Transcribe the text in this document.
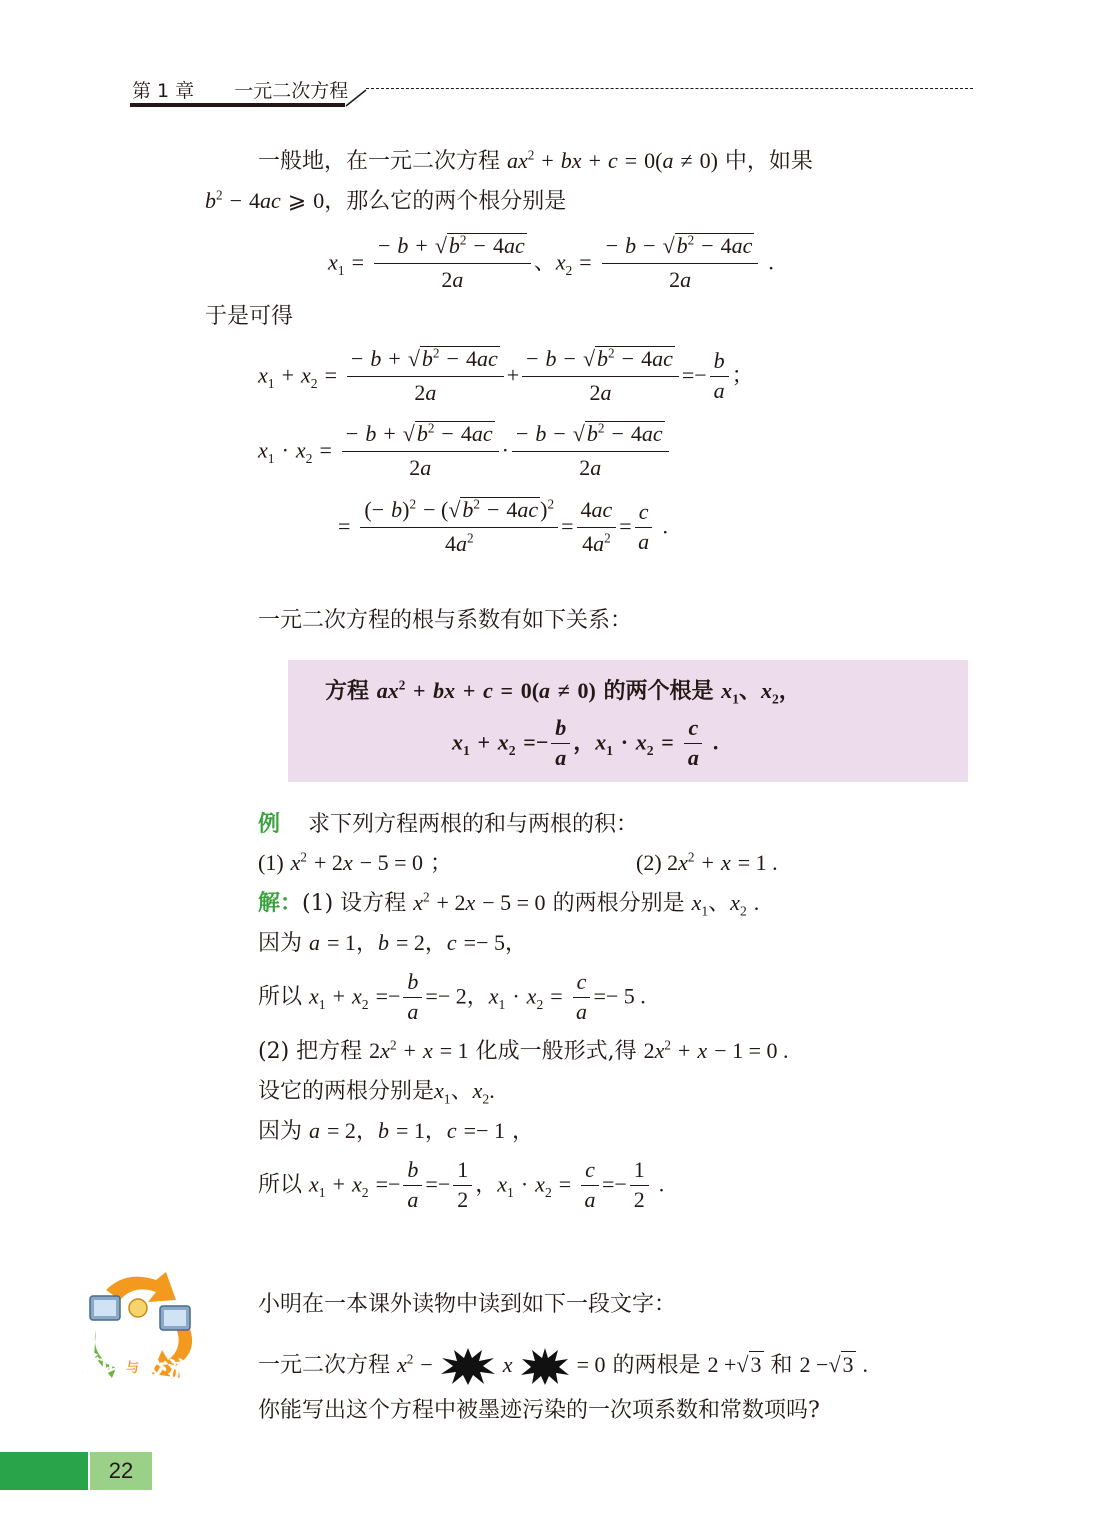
第 1 章 一元二次方程
一般地，在一元二次方程 $ax^2$ + bx + c = 0(a ≠ 0) 中，如果
$b^2 - 4ac$ ⩾ 0，那么它的两个根分别是
$x_1 = \frac{- b + √b^2 - 4ac}{2a}$ 、$x_2 = \frac{- b - √b^2 - 4ac}{2a}$ .
于是可得
$x_1 + x_2 = \frac{- b + √b^2 - 4ac}{2a} + \frac{- b - √b^2 - 4ac}{2a} =- \frac{b}{a}$ ；
$x_1 \cdot x_2 = \frac{- b + √b^2 - 4ac}{2a} \cdot \frac{- b - √b^2 - 4ac}{2a}$
= $\frac{(- b)^2 - (√b^2 - 4ac)^2}{4a^2} = \frac{4ac}{4a^2} = \frac{c}{a}$ .
一元二次方程的根与系数有如下关系：
方程 $ax^2$ + bx + c = 0(a ≠ 0) 的两个根是 $x_1$、$x_2$，
$x_1 + x_2 =- \frac{b}{a}$ ，$x_1 \cdot x_2 = \frac{c}{a}$ .
例 求下列方程两根的和与两根的积：
(1) $x^2 + 2x - 5 = 0$ ；	(2) $2x^2 + x = 1$ .
解：(1) 设方程 $x^2 + 2x - 5 = 0$ 的两根分别是 $x_1$、$x_2$ .
因为 a = 1，b = 2，c =− 5，
所以 $x_1 + x_2 =- \frac{b}{a} =- 2$，$x_1 \cdot x_2 = \frac{c}{a} =- 5$ .
(2) 把方程 $2x^2 + x = 1$ 化成一般形式,得 $2x^2 + x - 1 = 0$ .
设它的两根分别是$x_1$、$x_2$.
因为 a = 2，b = 1，c =− 1 ，
所以 $x_1 + x_2 =- \frac{b}{a} =- \frac{1}{2}$ ，$x_1 \cdot x_2 = \frac{c}{a} =- \frac{1}{2}$ .
尝试 与 交流
小明在一本课外读物中读到如下一段文字：
一元二次方程 $x^2$ −	x	= 0 的两根是 2 +√3 和 2 −√3 .
你能写出这个方程中被墨迹污染的一次项系数和常数项吗?
22
